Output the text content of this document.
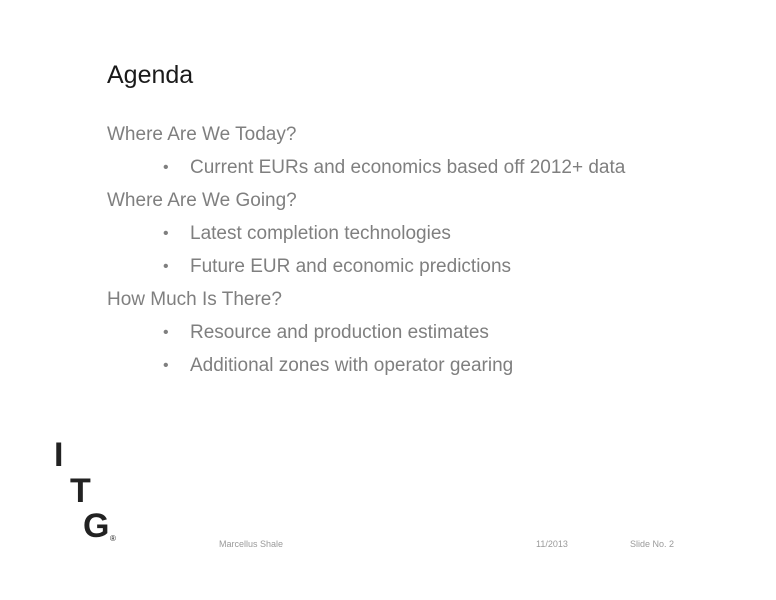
Agenda
Where Are We Today?
• Current EURs and economics based off 2012+ data
Where Are We Going?
• Latest completion technologies
• Future EUR and economic predictions
How Much Is There?
• Resource and production estimates
• Additional zones with operator gearing
I
T
G ®
Marcellus Shale	11/2013	Slide No. 2
